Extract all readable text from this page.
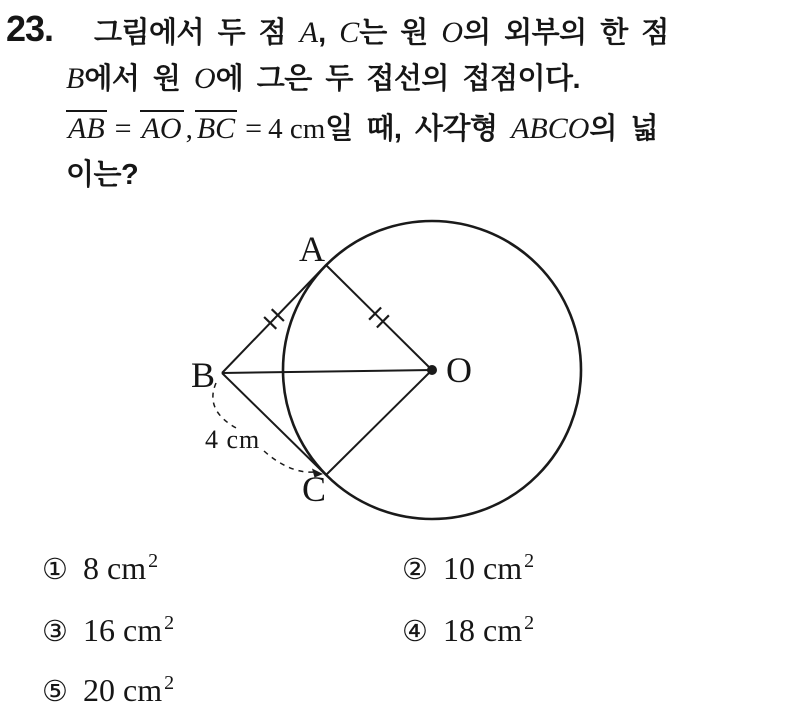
23. 그림에서 두 점 A, C는 원 O의 외부의 한 점
B에서 원 O에 그은 두 접선의 접점이다.
AB = AO , BC = 4 cm일 때, 사각형 ABCO의 넓
이는?
A
B
C
O
4 cm
① 8 cm $^2$	② 10 cm $^2$
③ 16 cm $^2$	④ 18 cm $^2$
⑤ 20 cm $^2$
